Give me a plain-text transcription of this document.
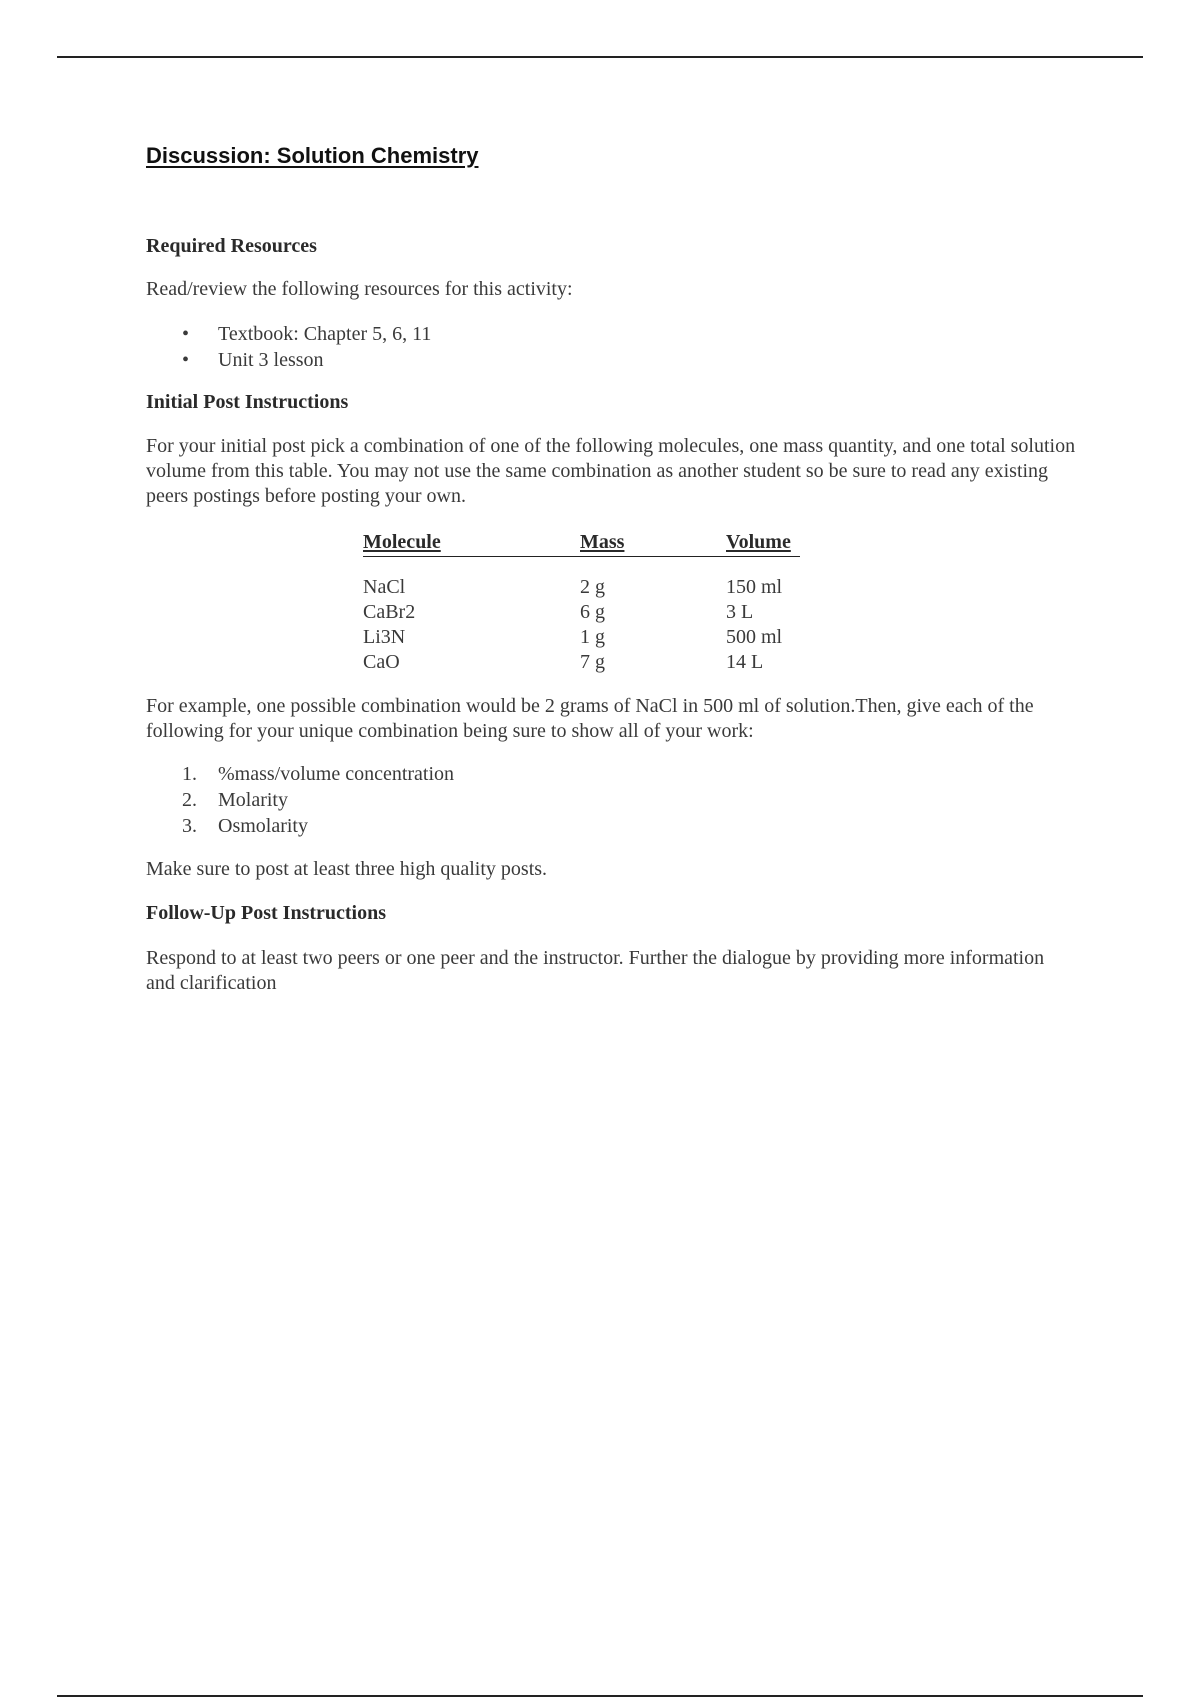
Discussion: Solution Chemistry
Required Resources

Read/review the following resources for this activity:

• Textbook: Chapter 5, 6, 11
• Unit 3 lesson
Initial Post Instructions

For your initial post pick a combination of one of the following molecules, one mass quantity, and one total solution volume from this table. You may not use the same combination as another student so be sure to read any existing peers postings before posting your own.

Molecule	Mass	Volume

NaCl	2 g	150 ml
CaBr2	6 g	3 L
Li3N	1 g	500 ml
CaO	7 g	14 L

For example, one possible combination would be 2 grams of NaCl in 500 ml of solution.Then, give each of the following for your unique combination being sure to show all of your work:

1. %mass/volume concentration
2. Molarity
3. Osmolarity

Make sure to post at least three high quality posts.

Follow-Up Post Instructions

Respond to at least two peers or one peer and the instructor. Further the dialogue by providing more information and clarification
